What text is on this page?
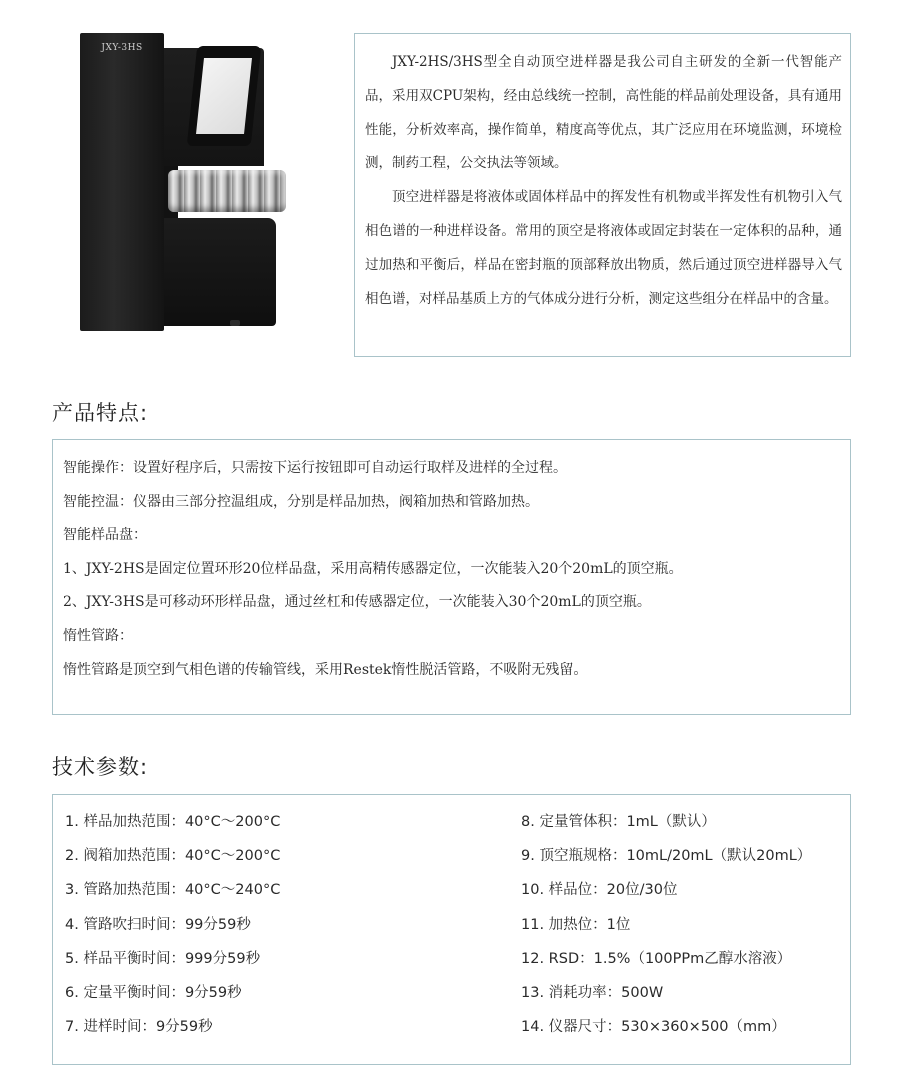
JXY-3HS

JXY-2HS/3HS型全自动顶空进样器是我公司自主研发的全新一代智能产品，采用双CPU架构，经由总线统一控制，高性能的样品前处理设备，具有通用性能，分析效率高，操作简单，精度高等优点，其广泛应用在环境监测，环境检测，制药工程，公交执法等领域。

顶空进样器是将液体或固体样品中的挥发性有机物或半挥发性有机物引入气相色谱的一种进样设备。常用的顶空是将液体或固定封装在一定体积的品种，通过加热和平衡后，样品在密封瓶的顶部释放出物质，然后通过顶空进样器导入气相色谱，对样品基质上方的气体成分进行分析，测定这些组分在样品中的含量。

产品特点:
智能操作：设置好程序后，只需按下运行按钮即可自动运行取样及进样的全过程。
智能控温：仪器由三部分控温组成，分别是样品加热，阀箱加热和管路加热。
智能样品盘：
1、JXY-2HS是固定位置环形20位样品盘，采用高精传感器定位，一次能装入20个20mL的顶空瓶。
2、JXY-3HS是可移动环形样品盘，通过丝杠和传感器定位，一次能装入30个20mL的顶空瓶。
惰性管路：
惰性管路是顶空到气相色谱的传输管线，采用Restek惰性脱活管路，不吸附无残留。
技术参数:
1. 样品加热范围：40°C～200°C
2. 阀箱加热范围：40°C～200°C
3. 管路加热范围：40°C～240°C
4. 管路吹扫时间：99分59秒
5. 样品平衡时间：999分59秒
6. 定量平衡时间：9分59秒
7. 进样时间：9分59秒
8. 定量管体积：1mL（默认）
9. 顶空瓶规格：10mL/20mL（默认20mL）
10. 样品位：20位/30位
11. 加热位：1位
12. RSD：1.5%（100PPm乙醇水溶液）
13. 消耗功率：500W
14. 仪器尺寸：530×360×500（mm）
